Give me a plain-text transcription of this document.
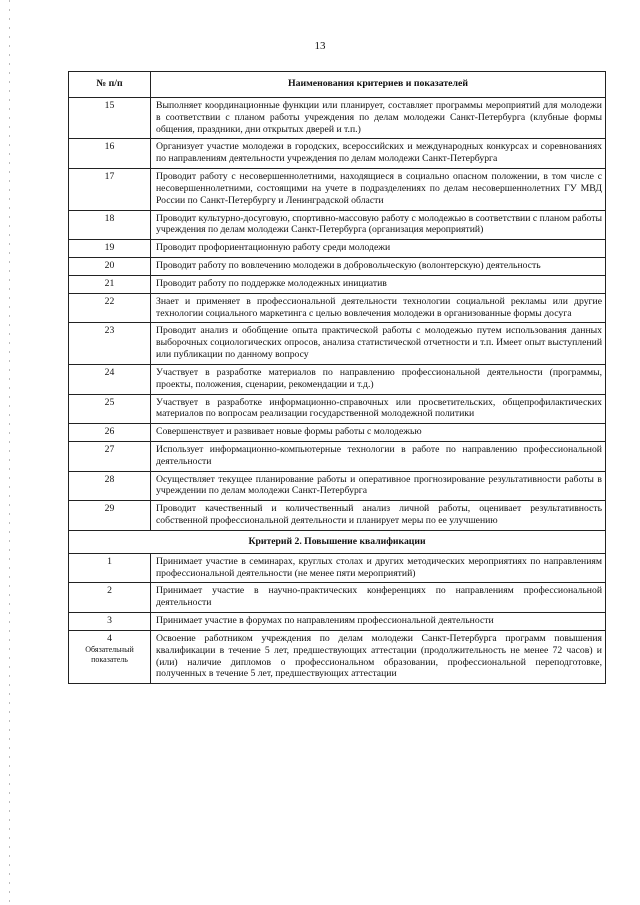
13
№ п/п	Наименования критериев и показателей
15	Выполняет координационные функции или планирует, составляет программы мероприятий для молодежи в соответствии с планом работы учреждения по делам молодежи Санкт-Петербурга (клубные формы общения, праздники, дни открытых дверей и т.п.)
16	Организует участие молодежи в городских, всероссийских и международных конкурсах и соревнованиях по направлениям деятельности учреждения по делам молодежи Санкт-Петербурга
17	Проводит работу с несовершеннолетними, находящиеся в социально опасном положении, в том числе с несовершеннолетними, состоящими на учете в подразделениях по делам несовершеннолетних ГУ МВД России по Санкт-Петербургу и Ленинградской области
18	Проводит культурно-досуговую, спортивно-массовую работу с молодежью в соответствии с планом работы учреждения по делам молодежи Санкт-Петербурга (организация мероприятий)
19	Проводит профориентационную работу среди молодежи
20	Проводит работу по вовлечению молодежи в добровольческую (волонтерскую) деятельность
21	Проводит работу по поддержке молодежных инициатив
22	Знает и применяет в профессиональной деятельности технологии социальной рекламы или другие технологии социального маркетинга с целью вовлечения молодежи в организованные формы досуга
23	Проводит анализ и обобщение опыта практической работы с молодежью путем использования данных выборочных социологических опросов, анализа статистической отчетности и т.п. Имеет опыт выступлений или публикации по данному вопросу
24	Участвует в разработке материалов по направлению профессиональной деятельности (программы, проекты, положения, сценарии, рекомендации и т.д.)
25	Участвует в разработке информационно-справочных или просветительских, общепрофилактических материалов по вопросам реализации государственной молодежной политики
26	Совершенствует и развивает новые формы работы с молодежью
27	Использует информационно-компьютерные технологии в работе по направлению профессиональной деятельности
28	Осуществляет текущее планирование работы и оперативное прогнозирование результативности работы в учреждении по делам молодежи Санкт-Петербурга
29	Проводит качественный и количественный анализ личной работы, оценивает результативность собственной профессиональной деятельности и планирует меры по ее улучшению
Критерий 2. Повышение квалификации	
1	Принимает участие в семинарах, круглых столах и других методических мероприятиях по направлениям профессиональной деятельности (не менее пяти мероприятий)
2	Принимает участие в научно-практических конференциях по направлениям профессиональной деятельности
3	Принимает участие в форумах по направлениям профессиональной деятельности
4
Обязательный показатель	Освоение работником учреждения по делам молодежи Санкт-Петербурга программ повышения квалификации в течение 5 лет, предшествующих аттестации (продолжительность не менее 72 часов) и (или) наличие дипломов о профессиональном образовании, профессиональной переподготовке, полученных в течение 5 лет, предшествующих аттестации
